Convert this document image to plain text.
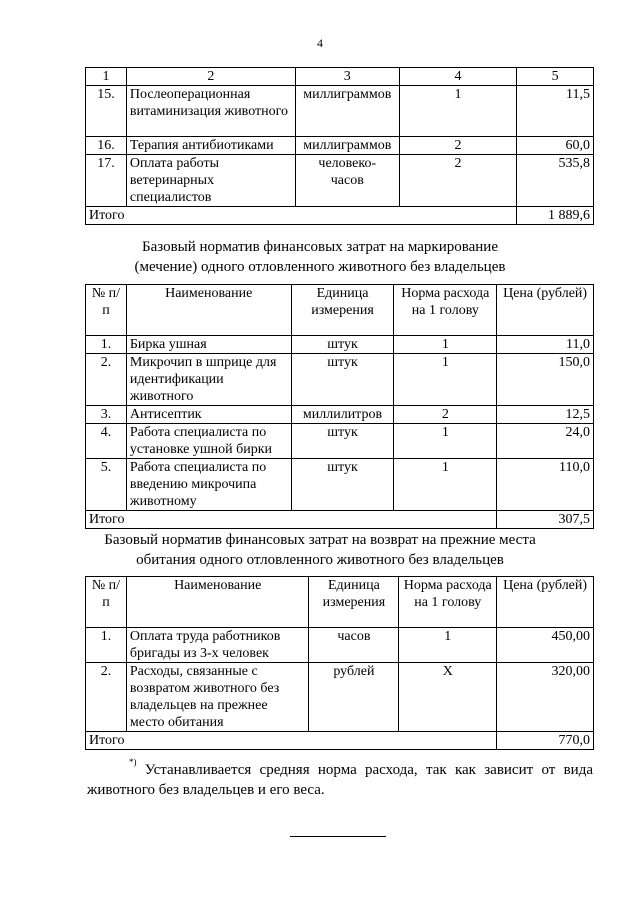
4
1	2	3	4	5
15.	Послеоперационная витаминизация животного	миллиграммов	1	11,5
16.	Терапия антибиотиками	миллиграммов	2	60,0
17.	Оплата работы ветеринарных специалистов	человеко-часов	2	535,8
Итого				1 889,6
Базовый норматив финансовых затрат на маркирование (мечение) одного отловленного животного без владельцев
№ п/п	Наименование	Единица измерения	Норма расхода на 1 голову	Цена (рублей)
1.	Бирка ушная	штук	1	11,0
2.	Микрочип в шприце для идентификации животного	штук	1	150,0
3.	Антисептик	миллилитров	2	12,5
4.	Работа специалиста по установке ушной бирки	штук	1	24,0
5.	Работа специалиста по введению микрочипа животному	штук	1	110,0
Итого				307,5
Базовый норматив финансовых затрат на возврат на прежние места обитания одного отловленного животного без владельцев
№ п/п	Наименование	Единица измерения	Норма расхода на 1 голову	Цена (рублей)
1.	Оплата труда работников бригады из 3-х человек	часов	1	450,00
2.	Расходы, связанные с возвратом животного без владельцев на прежнее место обитания	рублей	Х	320,00
Итого				770,0
*) Устанавливается средняя норма расхода, так как зависит от вида животного без владельцев и его веса.
